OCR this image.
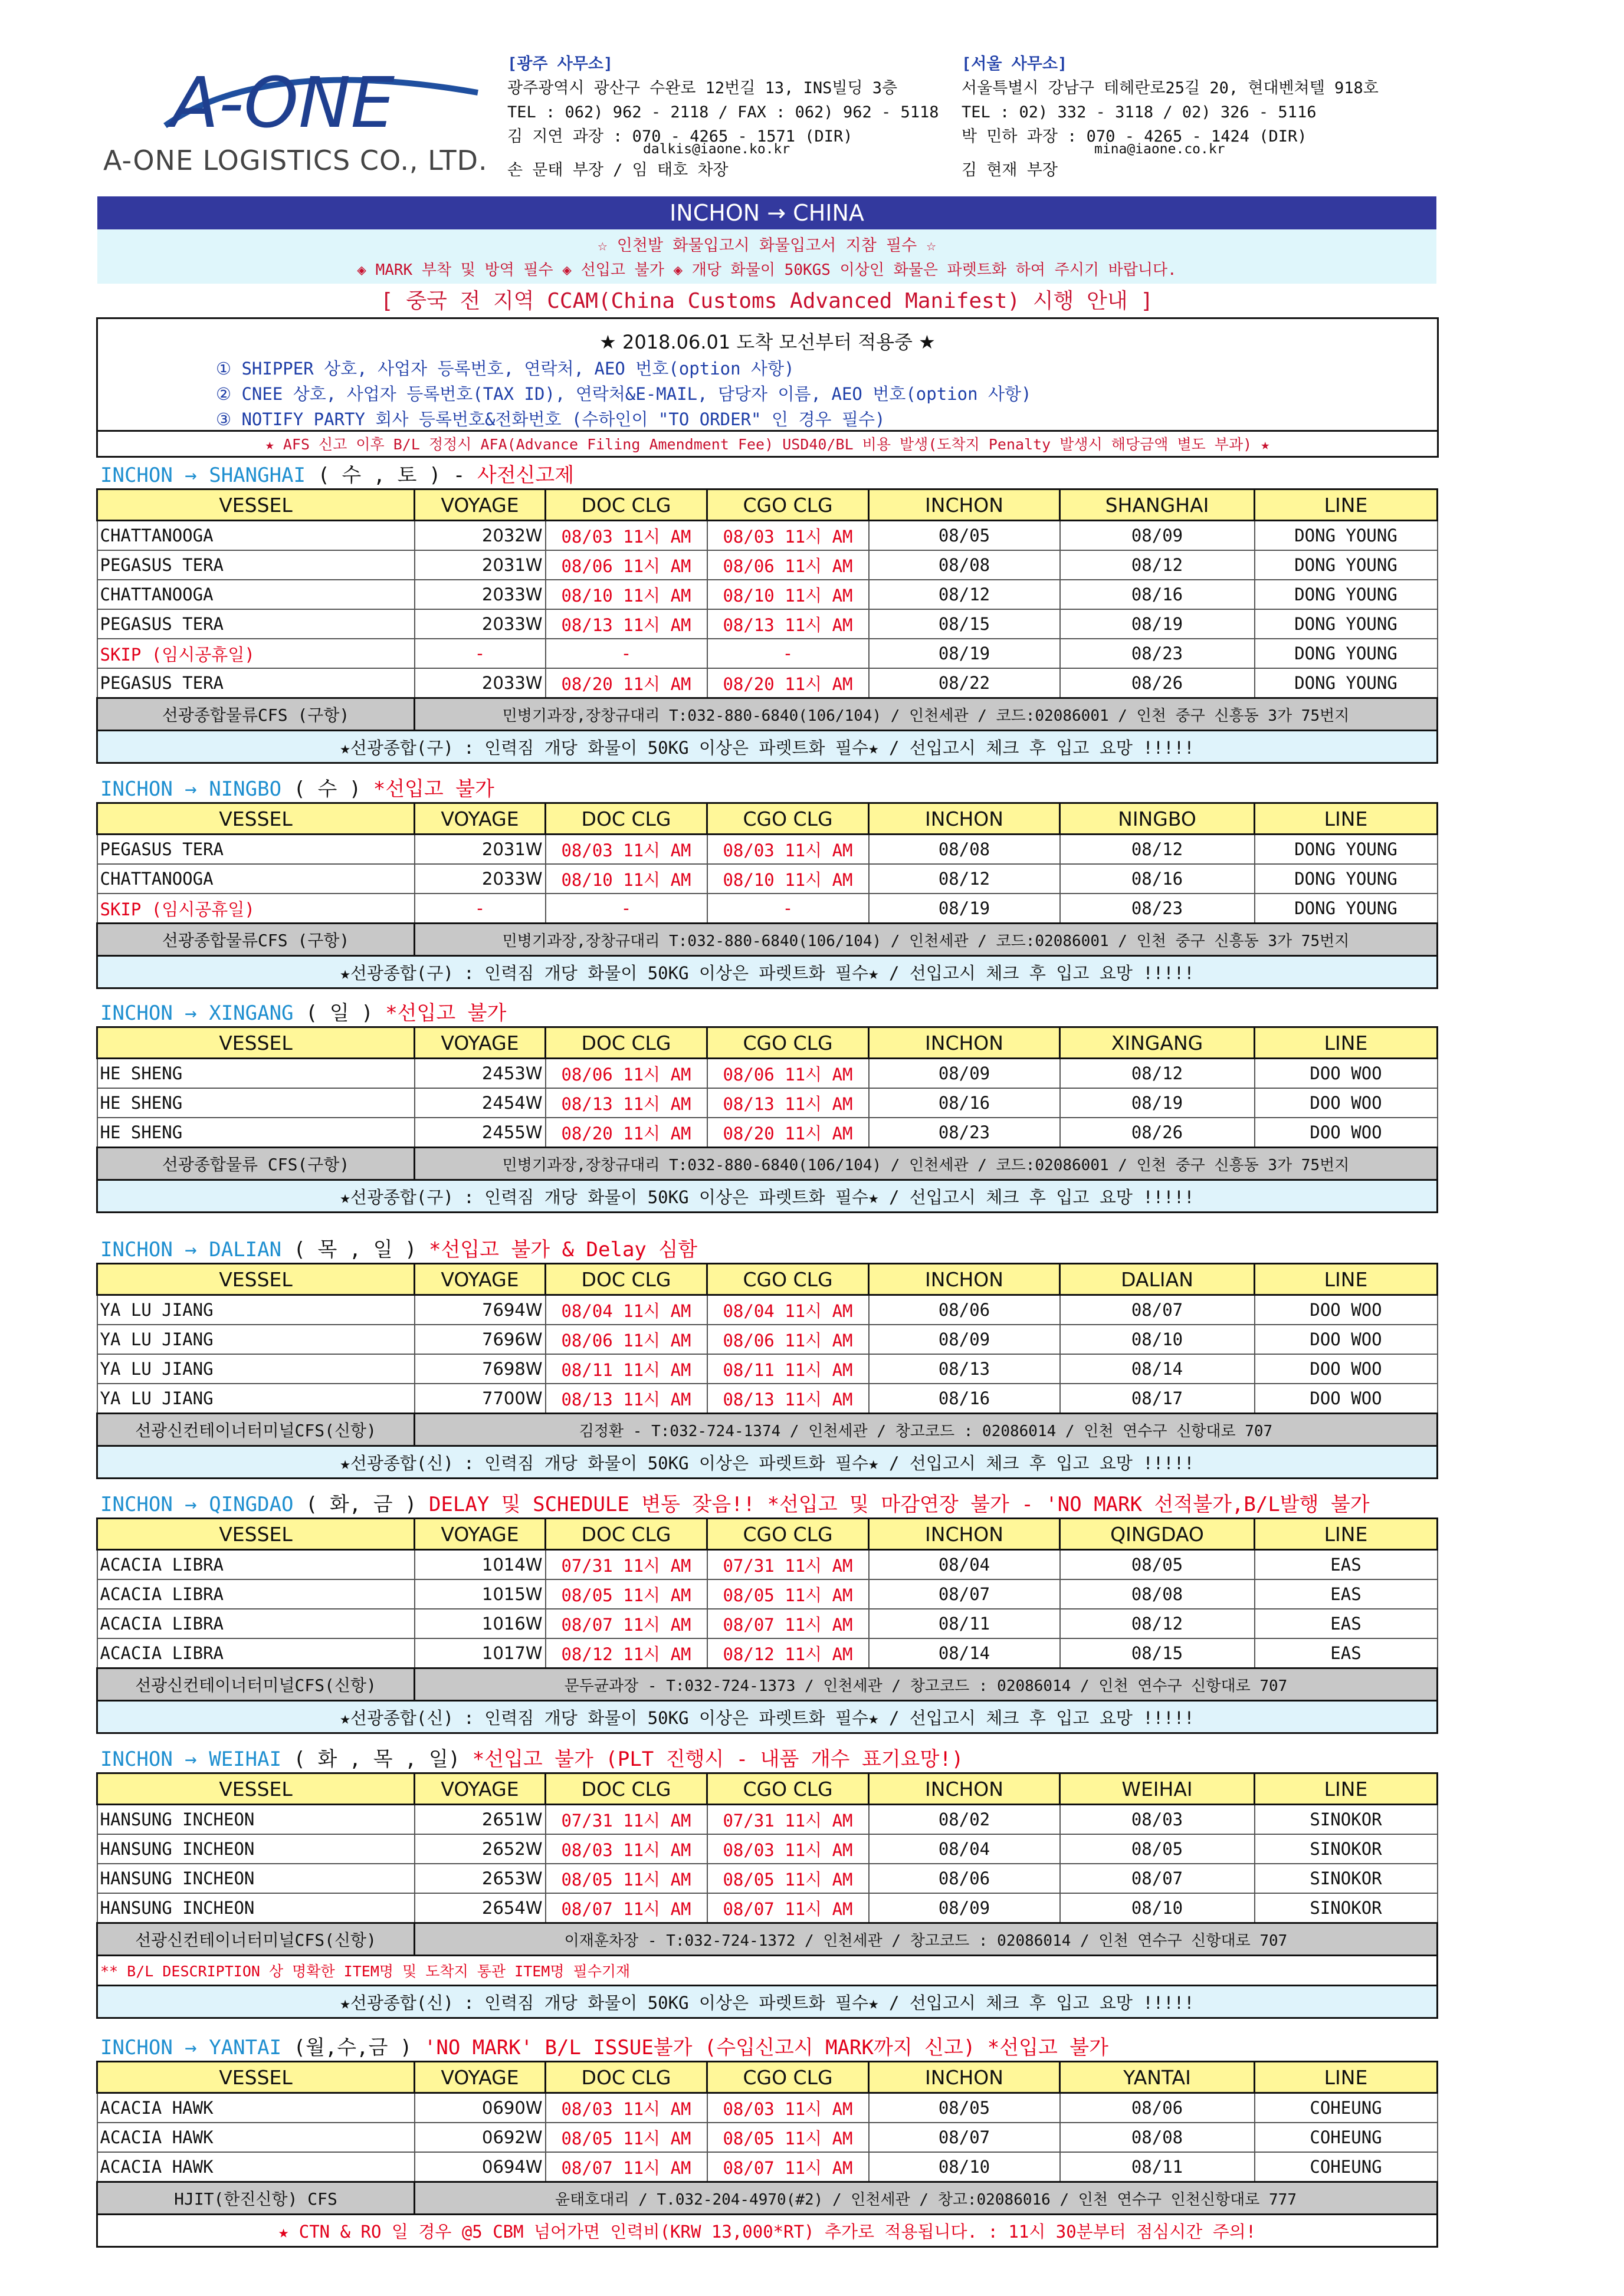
A-ONE
A-ONE LOGISTICS CO., LTD.
[광주 사무소]
광주광역시 광산구 수완로 12번길 13, INS빌딩 3층
TEL : 062) 962 - 2118 / FAX : 062) 962 - 5118
김 지연 과장 : 070 - 4265 - 1571 (DIR)

dalkis@iaone.ko.kr
손 문태 부장 / 임 태호 차장
[서울 사무소]
서울특별시 강남구 테헤란로25길 20, 현대벤쳐텔 918호
TEL : 02) 332 - 3118 / 02) 326 - 5116
박 민하 과장 : 070 - 4265 - 1424 (DIR)

mina@iaone.co.kr
김 현재 부장
INCHON → CHINA
☆ 인천발 화물입고시 화물입고서 지참 필수 ☆
◈ MARK 부착 및 방역 필수 ◈ 선입고 불가 ◈ 개당 화물이 50KGS 이상인 화물은 파렛트화 하여 주시기 바랍니다.
[ 중국 전 지역 CCAM(China Customs Advanced Manifest) 시행 안내 ]
★ 2018.06.01 도착 모선부터 적용중 ★
① SHIPPER 상호, 사업자 등록번호, 연락처, AEO 번호(option 사항)
② CNEE 상호, 사업자 등록번호(TAX ID), 연락처&E-MAIL, 담당자 이름, AEO 번호(option 사항)
③ NOTIFY PARTY 회사 등록번호&전화번호 (수하인이 "TO ORDER" 인 경우 필수)
★ AFS 신고 이후 B/L 정정시 AFA(Advance Filing Amendment Fee) USD40/BL 비용 발생(도착지 Penalty 발생시 해당금액 별도 부과) ★
INCHON → SHANGHAI ( 수 , 토 ) - 사전신고제
VESSEL	VOYAGE	DOC CLG	CGO CLG	INCHON	SHANGHAI	LINE
CHATTANOOGA	2032W	08/03 11시 AM	08/03 11시 AM	08/05	08/09	DONG YOUNG
PEGASUS TERA	2031W	08/06 11시 AM	08/06 11시 AM	08/08	08/12	DONG YOUNG
CHATTANOOGA	2033W	08/10 11시 AM	08/10 11시 AM	08/12	08/16	DONG YOUNG
PEGASUS TERA	2033W	08/13 11시 AM	08/13 11시 AM	08/15	08/19	DONG YOUNG
SKIP (임시공휴일)	-	-	-	08/19	08/23	DONG YOUNG
PEGASUS TERA	2033W	08/20 11시 AM	08/20 11시 AM	08/22	08/26	DONG YOUNG
선광종합물류CFS (구항)	민병기과장,장창규대리 T:032-880-6840(106/104) / 인천세관 / 코드:02086001 / 인천 중구 신흥동 3가 75번지					
★선광종합(구) : 인력짐 개당 화물이 50KG 이상은 파렛트화 필수★ / 선입고시 체크 후 입고 요망 !!!!!						
INCHON → NINGBO ( 수 ) *선입고 불가
VESSEL	VOYAGE	DOC CLG	CGO CLG	INCHON	NINGBO	LINE
PEGASUS TERA	2031W	08/03 11시 AM	08/03 11시 AM	08/08	08/12	DONG YOUNG
CHATTANOOGA	2033W	08/10 11시 AM	08/10 11시 AM	08/12	08/16	DONG YOUNG
SKIP (임시공휴일)	-	-	-	08/19	08/23	DONG YOUNG
선광종합물류CFS (구항)	민병기과장,장창규대리 T:032-880-6840(106/104) / 인천세관 / 코드:02086001 / 인천 중구 신흥동 3가 75번지					
★선광종합(구) : 인력짐 개당 화물이 50KG 이상은 파렛트화 필수★ / 선입고시 체크 후 입고 요망 !!!!!						
INCHON → XINGANG ( 일 ) *선입고 불가
VESSEL	VOYAGE	DOC CLG	CGO CLG	INCHON	XINGANG	LINE
HE SHENG	2453W	08/06 11시 AM	08/06 11시 AM	08/09	08/12	DOO WOO
HE SHENG	2454W	08/13 11시 AM	08/13 11시 AM	08/16	08/19	DOO WOO
HE SHENG	2455W	08/20 11시 AM	08/20 11시 AM	08/23	08/26	DOO WOO
선광종합물류 CFS(구항)	민병기과장,장창규대리 T:032-880-6840(106/104) / 인천세관 / 코드:02086001 / 인천 중구 신흥동 3가 75번지					
★선광종합(구) : 인력짐 개당 화물이 50KG 이상은 파렛트화 필수★ / 선입고시 체크 후 입고 요망 !!!!!						
INCHON → DALIAN ( 목 , 일 ) *선입고 불가 & Delay 심함
VESSEL	VOYAGE	DOC CLG	CGO CLG	INCHON	DALIAN	LINE
YA LU JIANG	7694W	08/04 11시 AM	08/04 11시 AM	08/06	08/07	DOO WOO
YA LU JIANG	7696W	08/06 11시 AM	08/06 11시 AM	08/09	08/10	DOO WOO
YA LU JIANG	7698W	08/11 11시 AM	08/11 11시 AM	08/13	08/14	DOO WOO
YA LU JIANG	7700W	08/13 11시 AM	08/13 11시 AM	08/16	08/17	DOO WOO
선광신컨테이너터미널CFS(신항)	김정환 - T:032-724-1374 / 인천세관 / 창고코드 : 02086014 / 인천 연수구 신항대로 707					
★선광종합(신) : 인력짐 개당 화물이 50KG 이상은 파렛트화 필수★ / 선입고시 체크 후 입고 요망 !!!!!						
INCHON → QINGDAO ( 화, 금 ) DELAY 및 SCHEDULE 변동 잦음!! *선입고 및 마감연장 불가 - 'NO MARK 선적불가,B/L발행 불가
VESSEL	VOYAGE	DOC CLG	CGO CLG	INCHON	QINGDAO	LINE
ACACIA LIBRA	1014W	07/31 11시 AM	07/31 11시 AM	08/04	08/05	EAS
ACACIA LIBRA	1015W	08/05 11시 AM	08/05 11시 AM	08/07	08/08	EAS
ACACIA LIBRA	1016W	08/07 11시 AM	08/07 11시 AM	08/11	08/12	EAS
ACACIA LIBRA	1017W	08/12 11시 AM	08/12 11시 AM	08/14	08/15	EAS
선광신컨테이너터미널CFS(신항)	문두균과장 - T:032-724-1373 / 인천세관 / 창고코드 : 02086014 / 인천 연수구 신항대로 707					
★선광종합(신) : 인력짐 개당 화물이 50KG 이상은 파렛트화 필수★ / 선입고시 체크 후 입고 요망 !!!!!						
INCHON → WEIHAI ( 화 , 목 , 일) *선입고 불가 (PLT 진행시 - 내품 개수 표기요망!)
VESSEL	VOYAGE	DOC CLG	CGO CLG	INCHON	WEIHAI	LINE
HANSUNG INCHEON	2651W	07/31 11시 AM	07/31 11시 AM	08/02	08/03	SINOKOR
HANSUNG INCHEON	2652W	08/03 11시 AM	08/03 11시 AM	08/04	08/05	SINOKOR
HANSUNG INCHEON	2653W	08/05 11시 AM	08/05 11시 AM	08/06	08/07	SINOKOR
HANSUNG INCHEON	2654W	08/07 11시 AM	08/07 11시 AM	08/09	08/10	SINOKOR
선광신컨테이너터미널CFS(신항)	이재훈차장 - T:032-724-1372 / 인천세관 / 창고코드 : 02086014 / 인천 연수구 신항대로 707					
** B/L DESCRIPTION 상 명확한 ITEM명 및 도착지 통관 ITEM명 필수기재						
★선광종합(신) : 인력짐 개당 화물이 50KG 이상은 파렛트화 필수★ / 선입고시 체크 후 입고 요망 !!!!!						
INCHON → YANTAI (월,수,금 ) 'NO MARK' B/L ISSUE불가 (수입신고시 MARK까지 신고) *선입고 불가
VESSEL	VOYAGE	DOC CLG	CGO CLG	INCHON	YANTAI	LINE
ACACIA HAWK	0690W	08/03 11시 AM	08/03 11시 AM	08/05	08/06	COHEUNG
ACACIA HAWK	0692W	08/05 11시 AM	08/05 11시 AM	08/07	08/08	COHEUNG
ACACIA HAWK	0694W	08/07 11시 AM	08/07 11시 AM	08/10	08/11	COHEUNG
HJIT(한진신항) CFS	윤태호대리 / T.032-204-4970(#2) / 인천세관 / 창고:02086016 / 인천 연수구 인천신항대로 777					
★ CTN & RO 일 경우 @5 CBM 넘어가면 인력비(KRW 13,000*RT) 추가로 적용됩니다. : 11시 30분부터 점심시간 주의!						
